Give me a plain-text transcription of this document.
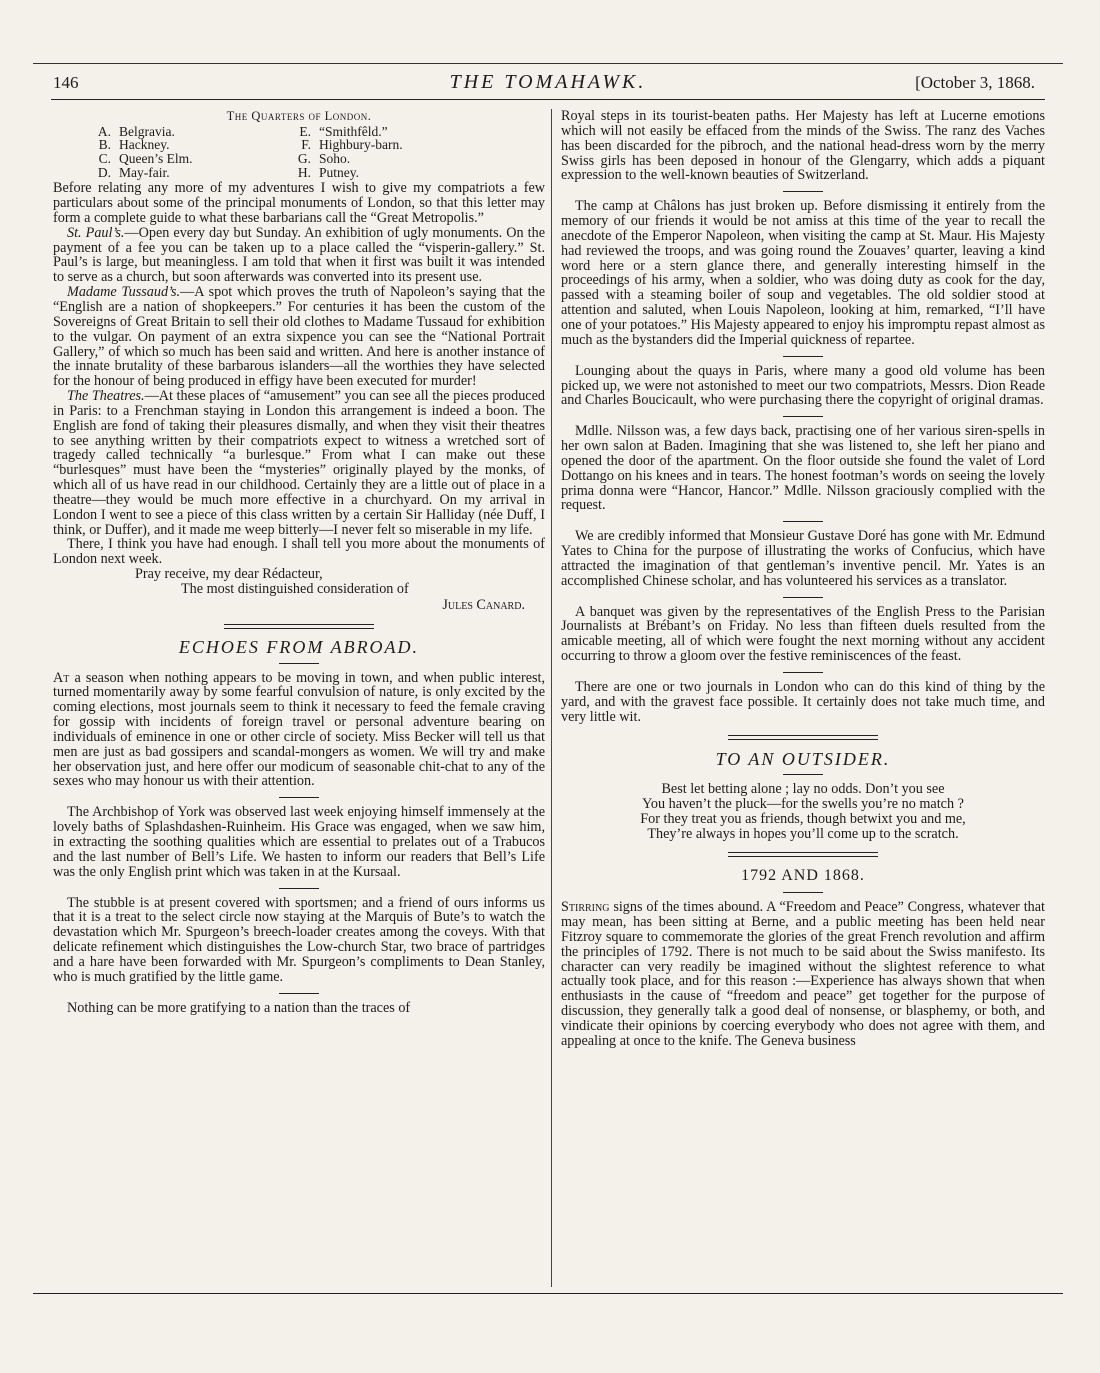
146	THE TOMAHAWK.	[October 3, 1868.
The Quarters of London.
A.	Belgravia.	E.	“Smithfêld.”
B.	Hackney.	F.	Highbury-barn.
C.	Queen’s Elm.	G.	Soho.
D.	May-fair.	H.	Putney.

Before relating any more of my adventures I wish to give my compatriots a few particulars about some of the principal monuments of London, so that this letter may form a complete guide to what these barbarians call the “Great Metropolis.”

St. Paul’s.—Open every day but Sunday. An exhibition of ugly monuments. On the payment of a fee you can be taken up to a place called the “visperin-gallery.” St. Paul’s is large, but meaningless. I am told that when it first was built it was intended to serve as a church, but soon afterwards was converted into its present use.

Madame Tussaud’s.—A spot which proves the truth of Napoleon’s saying that the “English are a nation of shopkeepers.” For centuries it has been the custom of the Sovereigns of Great Britain to sell their old clothes to Madame Tussaud for exhibition to the vulgar. On payment of an extra sixpence you can see the “National Portrait Gallery,” of which so much has been said and written. And here is another instance of the innate brutality of these barbarous islanders—all the worthies they have selected for the honour of being produced in effigy have been executed for murder!

The Theatres.—At these places of “amusement” you can see all the pieces produced in Paris: to a Frenchman staying in London this arrangement is indeed a boon. The English are fond of taking their pleasures dismally, and when they visit their theatres to see anything written by their compatriots expect to witness a wretched sort of tragedy called technically “a burlesque.” From what I can make out these “burlesques” must have been the “mysteries” originally played by the monks, of which all of us have read in our childhood. Certainly they are a little out of place in a theatre—they would be much more effective in a churchyard. On my arrival in London I went to see a piece of this class written by a certain Sir Halliday (née Duff, I think, or Duffer), and it made me weep bitterly—I never felt so miserable in my life.

There, I think you have had enough. I shall tell you more about the monuments of London next week.

Pray receive, my dear Rédacteur,
The most distinguished consideration of
Jules Canard.
ECHOES FROM ABROAD.

At a season when nothing appears to be moving in town, and when public interest, turned momentarily away by some fearful convulsion of nature, is only excited by the coming elections, most journals seem to think it necessary to feed the female craving for gossip with incidents of foreign travel or personal adventure bearing on individuals of eminence in one or other circle of society. Miss Becker will tell us that men are just as bad gossipers and scandal-mongers as women. We will try and make her observation just, and here offer our modicum of seasonable chit-chat to any of the sexes who may honour us with their attention.

The Archbishop of York was observed last week enjoying himself immensely at the lovely baths of Splashdashen-Ruinheim. His Grace was engaged, when we saw him, in extracting the soothing qualities which are essential to prelates out of a Trabucos and the last number of Bell’s Life. We hasten to inform our readers that Bell’s Life was the only English print which was taken in at the Kursaal.

The stubble is at present covered with sportsmen; and a friend of ours informs us that it is a treat to the select circle now staying at the Marquis of Bute’s to watch the devastation which Mr. Spurgeon’s breech-loader creates among the coveys. With that delicate refinement which distinguishes the Low-church Star, two brace of partridges and a hare have been forwarded with Mr. Spurgeon’s compliments to Dean Stanley, who is much gratified by the little game.

Nothing can be more gratifying to a nation than the traces of

Royal steps in its tourist-beaten paths. Her Majesty has left at Lucerne emotions which will not easily be effaced from the minds of the Swiss. The ranz des Vaches has been discarded for the pibroch, and the national head-dress worn by the merry Swiss girls has been deposed in honour of the Glengarry, which adds a piquant expression to the well-known beauties of Switzerland.

The camp at Châlons has just broken up. Before dismissing it entirely from the memory of our friends it would be not amiss at this time of the year to recall the anecdote of the Emperor Napoleon, when visiting the camp at St. Maur. His Majesty had reviewed the troops, and was going round the Zouaves’ quarter, leaving a kind word here or a stern glance there, and generally interesting himself in the proceedings of his army, when a soldier, who was doing duty as cook for the day, passed with a steaming boiler of soup and vegetables. The old soldier stood at attention and saluted, when Louis Napoleon, looking at him, remarked, “I’ll have one of your potatoes.” His Majesty appeared to enjoy his impromptu repast almost as much as the bystanders did the Imperial quickness of repartee.

Lounging about the quays in Paris, where many a good old volume has been picked up, we were not astonished to meet our two compatriots, Messrs. Dion Reade and Charles Boucicault, who were purchasing there the copyright of original dramas.

Mdlle. Nilsson was, a few days back, practising one of her various siren-spells in her own salon at Baden. Imagining that she was listened to, she left her piano and opened the door of the apartment. On the floor outside she found the valet of Lord Dottango on his knees and in tears. The honest footman’s words on seeing the lovely prima donna were “Hancor, Hancor.” Mdlle. Nilsson graciously complied with the request.

We are credibly informed that Monsieur Gustave Doré has gone with Mr. Edmund Yates to China for the purpose of illustrating the works of Confucius, which have attracted the imagination of that gentleman’s inventive pencil. Mr. Yates is an accomplished Chinese scholar, and has volunteered his services as a translator.

A banquet was given by the representatives of the English Press to the Parisian Journalists at Brébant’s on Friday. No less than fifteen duels resulted from the amicable meeting, all of which were fought the next morning without any accident occurring to throw a gloom over the festive reminiscences of the feast.

There are one or two journals in London who can do this kind of thing by the yard, and with the gravest face possible. It certainly does not take much time, and very little wit.

TO AN OUTSIDER.
Best let betting alone ; lay no odds. Don’t you see
You haven’t the pluck—for the swells you’re no match ?
For they treat you as friends, though betwixt you and me,
They’re always in hopes you’ll come up to the scratch.
1792 AND 1868.

Stirring signs of the times abound. A “Freedom and Peace” Congress, whatever that may mean, has been sitting at Berne, and a public meeting has been held near Fitzroy square to commemorate the glories of the great French revolution and affirm the principles of 1792. There is not much to be said about the Swiss manifesto. Its character can very readily be imagined without the slightest reference to what actually took place, and for this reason :—Experience has always shown that when enthusiasts in the cause of “freedom and peace” get together for the purpose of discussion, they generally talk a good deal of nonsense, or blasphemy, or both, and vindicate their opinions by coercing everybody who does not agree with them, and appealing at once to the knife. The Geneva business
